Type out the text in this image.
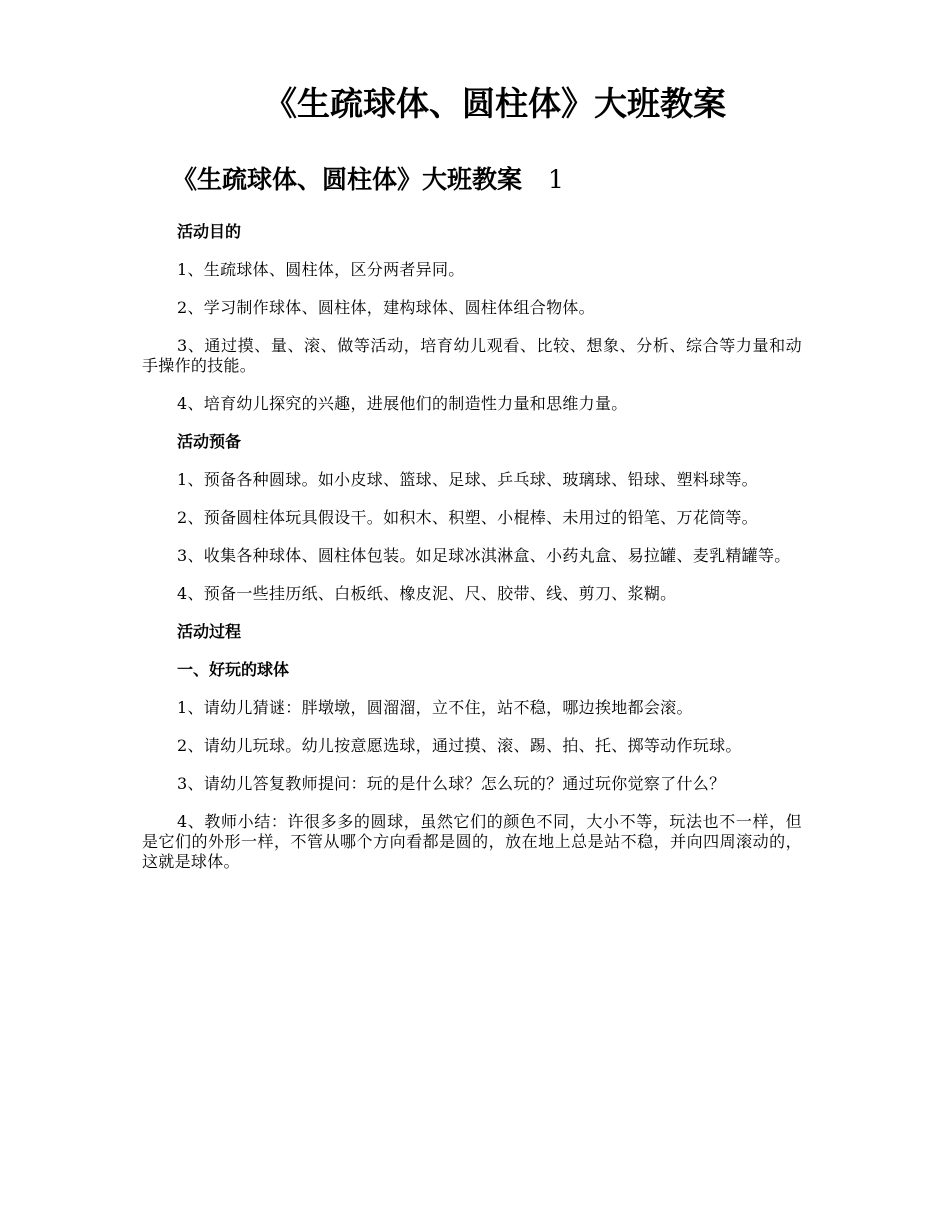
《生疏球体、圆柱体》大班教案
《生疏球体、圆柱体》大班教案 1

活动目的

1、生疏球体、圆柱体，区分两者异同。

2、学习制作球体、圆柱体，建构球体、圆柱体组合物体。

3、通过摸、量、滚、做等活动，培育幼儿观看、比较、想象、分析、综合等力量和动手操作的技能。

4、培育幼儿探究的兴趣，进展他们的制造性力量和思维力量。

活动预备

1、预备各种圆球。如小皮球、篮球、足球、乒乓球、玻璃球、铅球、塑料球等。

2、预备圆柱体玩具假设干。如积木、积塑、小棍棒、未用过的铅笔、万花筒等。

3、收集各种球体、圆柱体包装。如足球冰淇淋盒、小药丸盒、易拉罐、麦乳精罐等。

4、预备一些挂历纸、白板纸、橡皮泥、尺、胶带、线、剪刀、浆糊。

活动过程

一、好玩的球体

1、请幼儿猜谜：胖墩墩，圆溜溜，立不住，站不稳，哪边挨地都会滚。

2、请幼儿玩球。幼儿按意愿选球，通过摸、滚、踢、拍、托、掷等动作玩球。

3、请幼儿答复教师提问：玩的是什么球？怎么玩的？通过玩你觉察了什么？

4、教师小结：许很多多的圆球，虽然它们的颜色不同，大小不等，玩法也不一样，但是它们的外形一样，不管从哪个方向看都是圆的，放在地上总是站不稳，并向四周滚动的，这就是球体。
